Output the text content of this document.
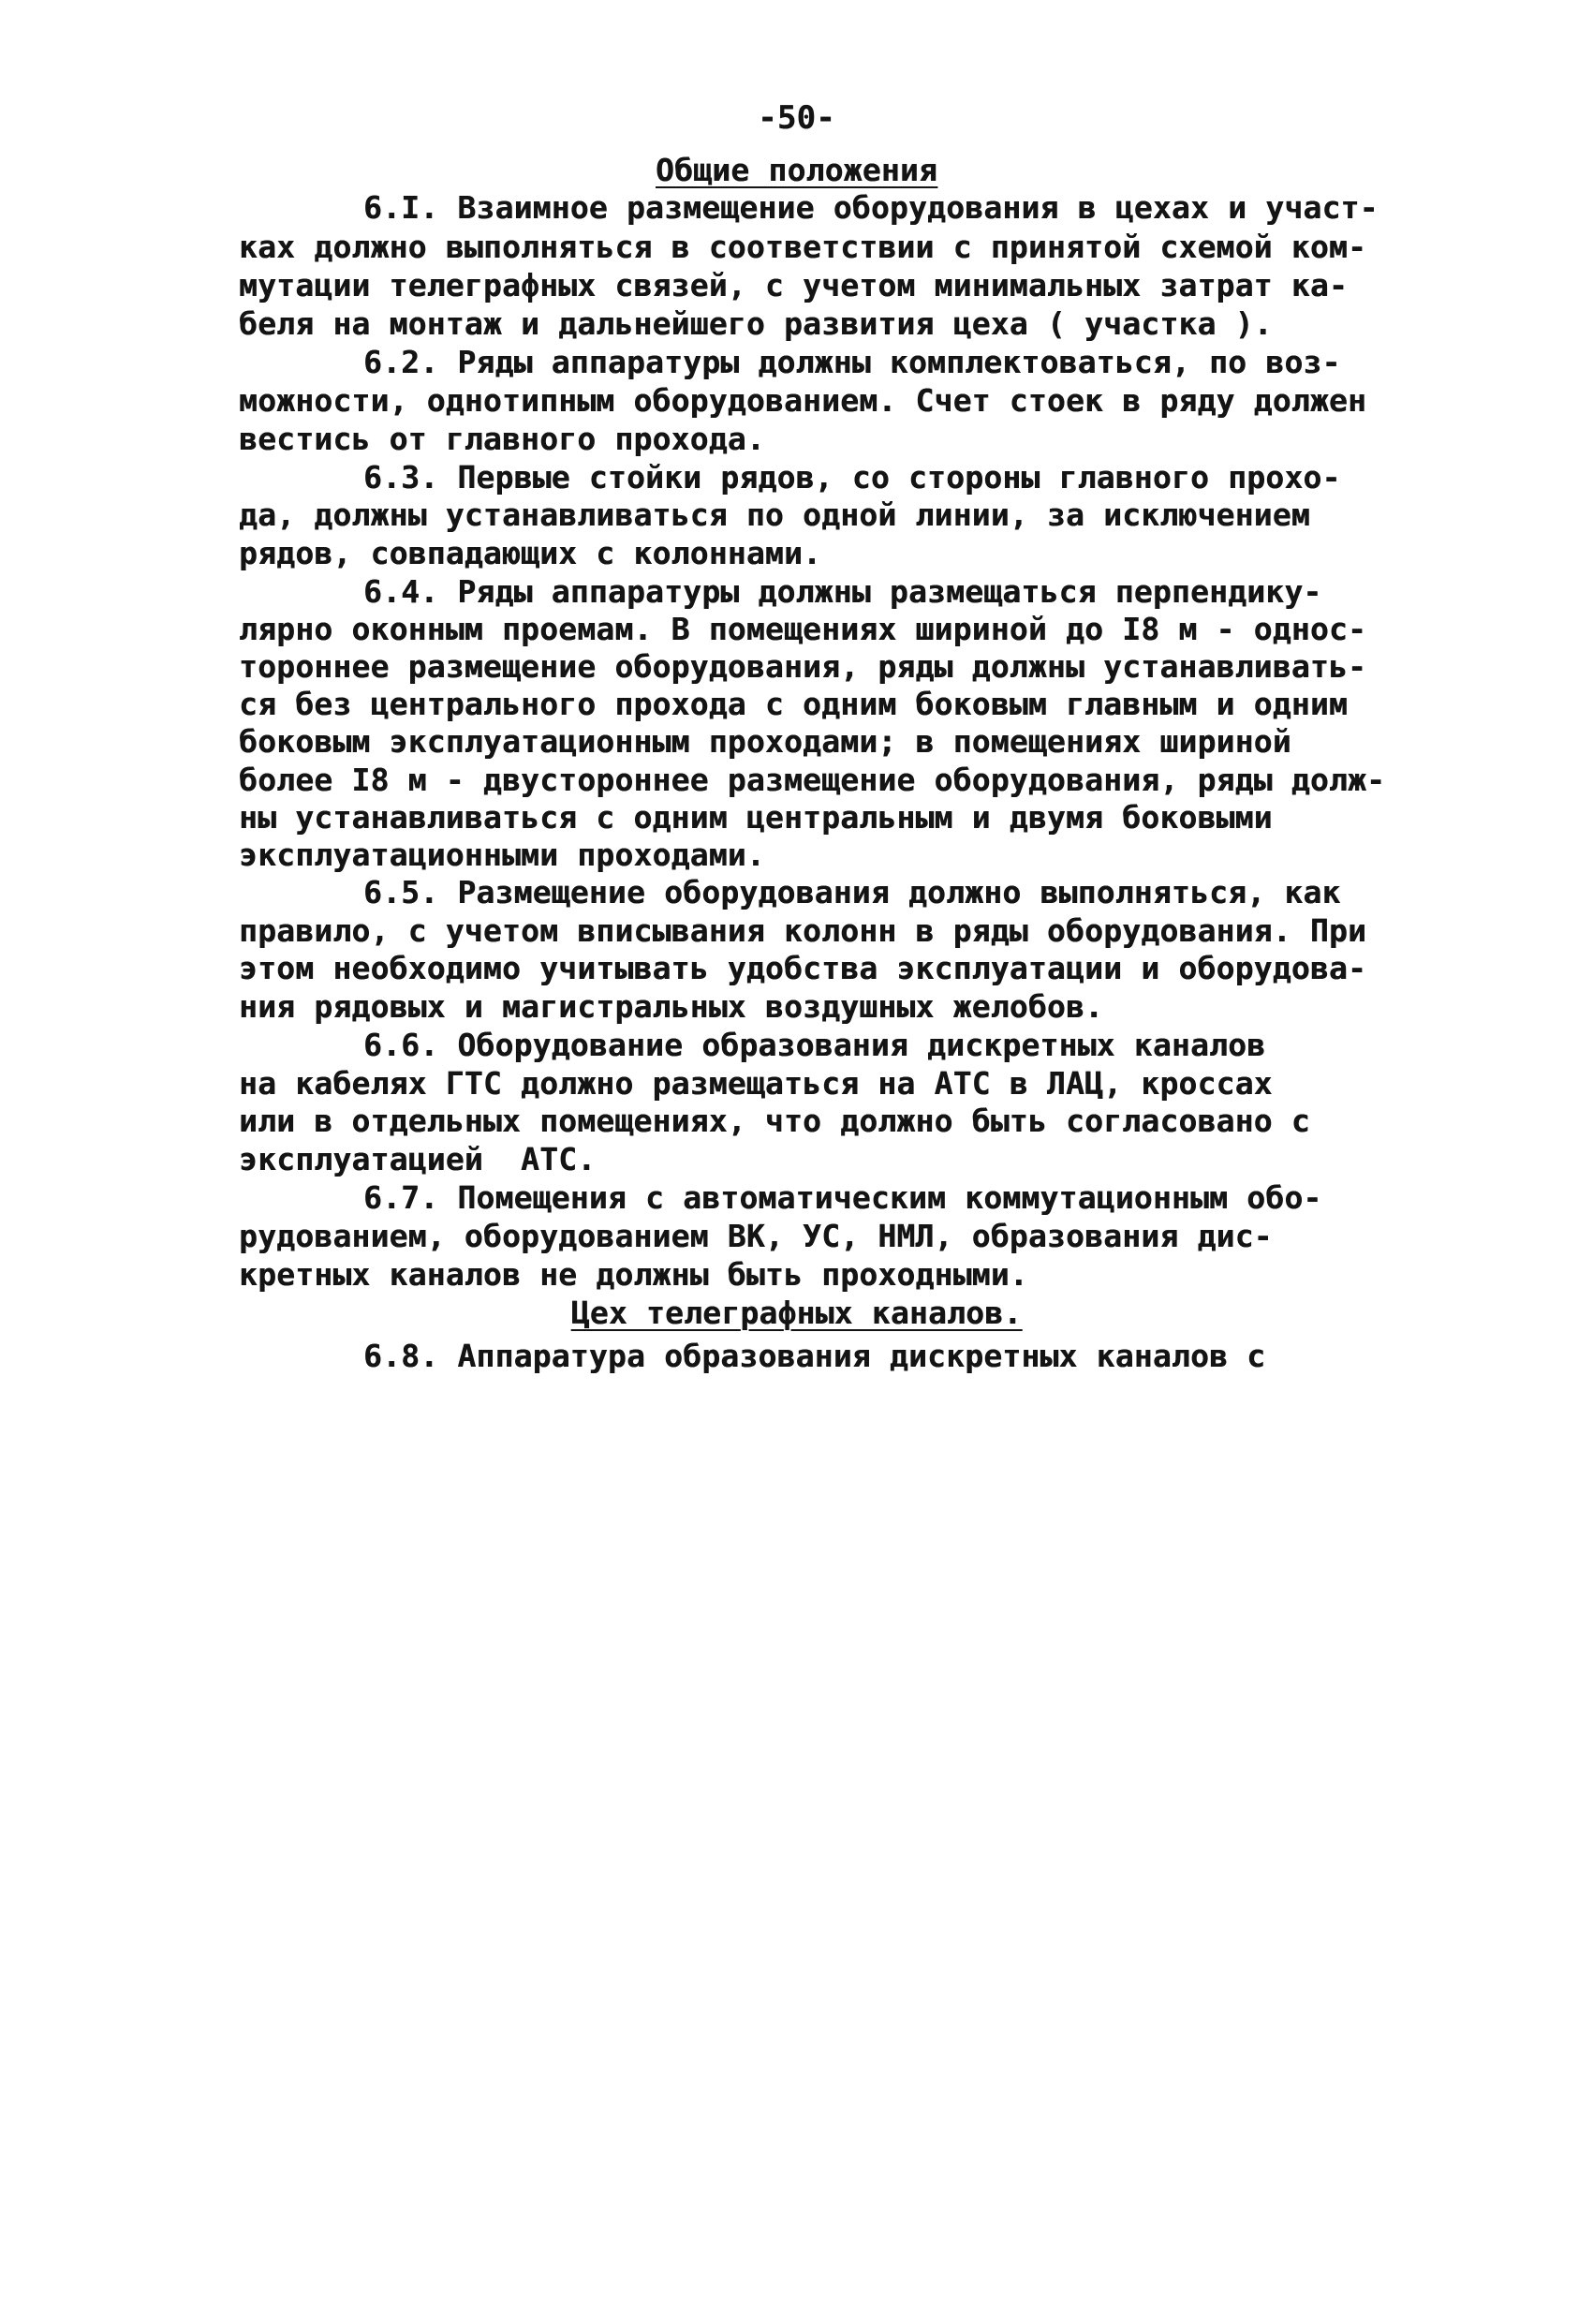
-50-
Общие положения
6.I. Взаимное размещение оборудования в цехах и участ-
ках должно выполняться в соответствии с принятой схемой ком-
мутации телеграфных связей, с учетом минимальных затрат ка-
беля на монтаж и дальнейшего развития цеха ( участка ).
6.2. Ряды аппаратуры должны комплектоваться, по воз-
можности, однотипным оборудованием. Счет стоек в ряду должен
вестись от главного прохода.
6.3. Первые стойки рядов, со стороны главного прохо-
да, должны устанавливаться по одной линии, за исключением
рядов, совпадающих с колоннами.
6.4. Ряды аппаратуры должны размещаться перпендику-
лярно оконным проемам. В помещениях шириной до I8 м - однос-
тороннее размещение оборудования, ряды должны устанавливать-
ся без центрального прохода с одним боковым главным и одним
боковым эксплуатационным проходами; в помещениях шириной
более I8 м - двустороннее размещение оборудования, ряды долж-
ны устанавливаться с одним центральным и двумя боковыми
эксплуатационными проходами.
6.5. Размещение оборудования должно выполняться, как
правило, с учетом вписывания колонн в ряды оборудования. При
этом необходимо учитывать удобства эксплуатации и оборудова-
ния рядовых и магистральных воздушных желобов.
6.6. Оборудование образования дискретных каналов
на кабелях ГТС должно размещаться на АТС в ЛАЦ, кроссах
или в отдельных помещениях, что должно быть согласовано с
эксплуатацией  АТС.
6.7. Помещения с автоматическим коммутационным обо-
рудованием, оборудованием ВК, УС, НМЛ, образования дис-
кретных каналов не должны быть проходными.
Цех телеграфных каналов.
6.8. Аппаратура образования дискретных каналов с
